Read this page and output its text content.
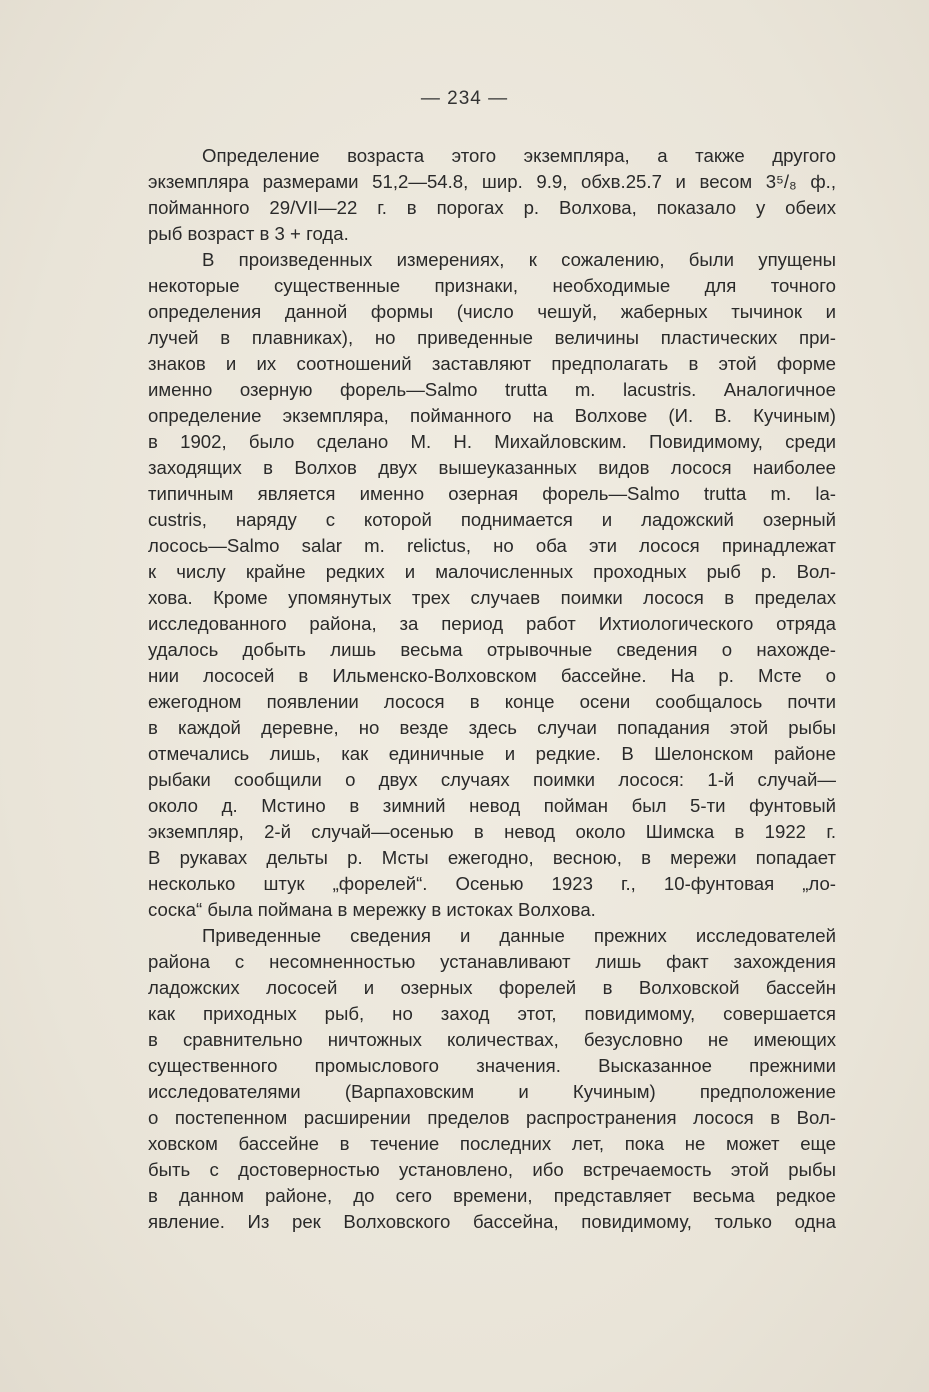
— 234 —
Определение возраста этого экземпляра, а также другого
экземпляра размерами 51,2—54.8, шир. 9.9, обхв.25.7 и весом 3⁵/₈ ф.,
пойманного 29/VII—22 г. в порогах р. Волхова, показало у обеих
рыб возраст в 3 + года.
В произведенных измерениях, к сожалению, были упущены
некоторые существенные признаки, необходимые для точного
определения данной формы (число чешуй, жаберных тычинок и
лучей в плавниках), но приведенные величины пластических при-
знаков и их соотношений заставляют предполагать в этой форме
именно озерную форель—Salmo trutta m. lacustris. Аналогичное
определение экземпляра, пойманного на Волхове (И. В. Кучиным)
в 1902, было сделано М. Н. Михайловским. Повидимому, среди
заходящих в Волхов двух вышеуказанных видов лосося наиболее
типичным является именно озерная форель—Salmo trutta m. la-
custris, наряду с которой поднимается и ладожский озерный
лосось—Salmo salar m. relictus, но оба эти лосося принадлежат
к числу крайне редких и малочисленных проходных рыб р. Вол-
хова. Кроме упомянутых трех случаев поимки лосося в пределах
исследованного района, за период работ Ихтиологического отряда
удалось добыть лишь весьма отрывочные сведения о нахожде-
нии лососей в Ильменско-Волховском бассейне. На р. Мсте о
ежегодном появлении лосося в конце осени сообщалось почти
в каждой деревне, но везде здесь случаи попадания этой рыбы
отмечались лишь, как единичные и редкие. В Шелонском районе
рыбаки сообщили о двух случаях поимки лосося: 1-й случай—
около д. Мстино в зимний невод пойман был 5-ти фунтовый
экземпляр, 2-й случай—осенью в невод около Шимска в 1922 г.
В рукавах дельты р. Мсты ежегодно, весною, в мережи попадает
несколько штук „форелей“. Осенью 1923 г., 10-фунтовая „ло-
соска“ была поймана в мережку в истоках Волхова.
Приведенные сведения и данные прежних исследователей
района с несомненностью устанавливают лишь факт захождения
ладожских лососей и озерных форелей в Волховской бассейн
как приходных рыб, но заход этот, повидимому, совершается
в сравнительно ничтожных количествах, безусловно не имеющих
существенного промыслового значения. Высказанное прежними
исследователями (Варпаховским и Кучиным) предположение
о постепенном расширении пределов распространения лосося в Вол-
ховском бассейне в течение последних лет, пока не может еще
быть с достоверностью установлено, ибо встречаемость этой рыбы
в данном районе, до сего времени, представляет весьма редкое
явление. Из рек Волховского бассейна, повидимому, только одна
